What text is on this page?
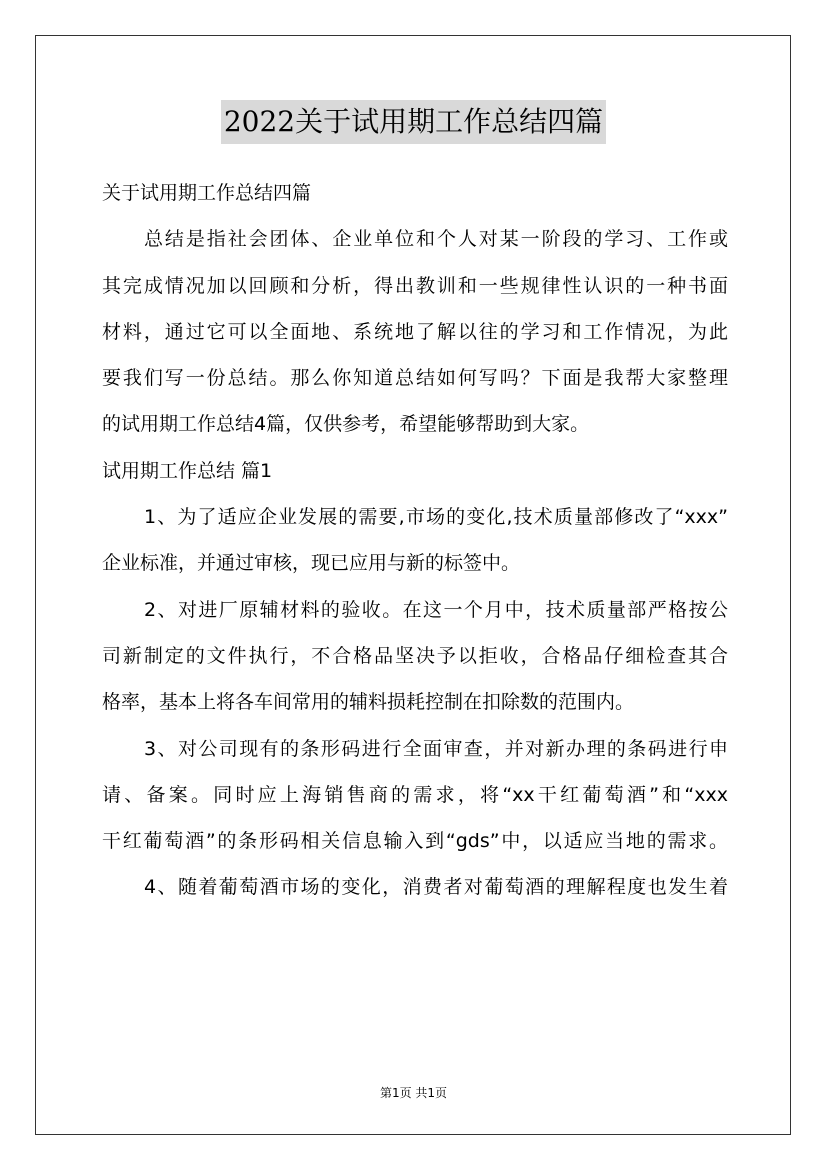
2022关于试用期工作总结四篇
关于试用期工作总结四篇
总结是指社会团体、企业单位和个人对某一阶段的学习、工作或
其完成情况加以回顾和分析，得出教训和一些规律性认识的一种书面
材料，通过它可以全面地、系统地了解以往的学习和工作情况，为此
要我们写一份总结。那么你知道总结如何写吗？下面是我帮大家整理
的试用期工作总结4篇，仅供参考，希望能够帮助到大家。
试用期工作总结 篇1
1、为了适应企业发展的需要,市场的变化,技术质量部修改了“xxx”
企业标准，并通过审核，现已应用与新的标签中。
2、对进厂原辅材料的验收。在这一个月中，技术质量部严格按公
司新制定的文件执行，不合格品坚决予以拒收，合格品仔细检查其合
格率，基本上将各车间常用的辅料损耗控制在扣除数的范围内。
3、对公司现有的条形码进行全面审查，并对新办理的条码进行申
请、备案。同时应上海销售商的需求，将“xx干红葡萄酒”和“xxx
干红葡萄酒”的条形码相关信息输入到“gds”中，以适应当地的需求。
4、随着葡萄酒市场的变化，消费者对葡萄酒的理解程度也发生着
第1页 共1页
